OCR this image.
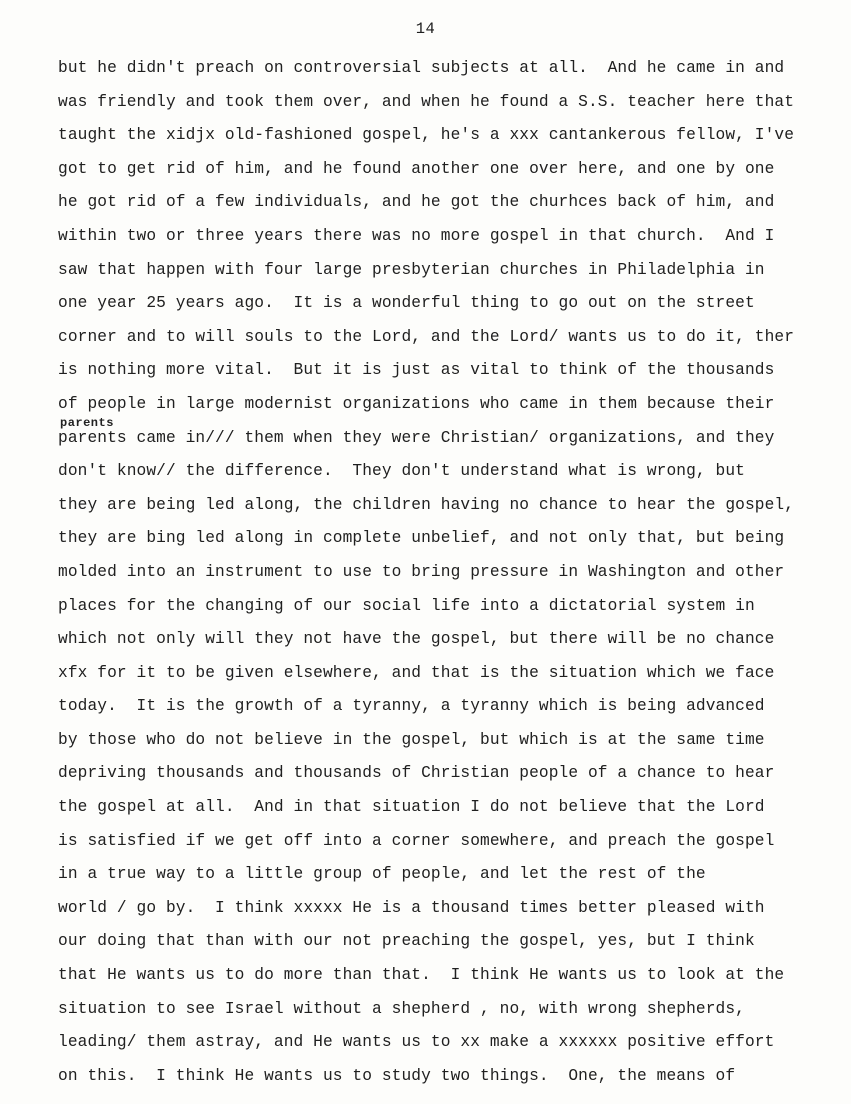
14
parents
but he didn't preach on controversial subjects at all.  And he came in and
was friendly and took them over, and when he found a S.S. teacher here that
taught the xidjx old-fashioned gospel, he's a xxx cantankerous fellow, I've
got to get rid of him, and he found another one over here, and one by one
he got rid of a few individuals, and he got the churhces back of him, and
within two or three years there was no more gospel in that church.  And I
saw that happen with four large presbyterian churches in Philadelphia in
one year 25 years ago.  It is a wonderful thing to go out on the street
corner and to will souls to the Lord, and the Lord/ wants us to do it, ther
is nothing more vital.  But it is just as vital to think of the thousands
of people in large modernist organizations who came in them because their
parents came in/// them when they were Christian/ organizations, and they
don't know// the difference.  They don't understand what is wrong, but
they are being led along, the children having no chance to hear the gospel,
they are bing led along in complete unbelief, and not only that, but being
molded into an instrument to use to bring pressure in Washington and other
places for the changing of our social life into a dictatorial system in
which not only will they not have the gospel, but there will be no chance
xfx for it to be given elsewhere, and that is the situation which we face
today.  It is the growth of a tyranny, a tyranny which is being advanced
by those who do not believe in the gospel, but which is at the same time
depriving thousands and thousands of Christian people of a chance to hear
the gospel at all.  And in that situation I do not believe that the Lord
is satisfied if we get off into a corner somewhere, and preach the gospel
in a true way to a little group of people, and let the rest of the
world / go by.  I think xxxxx He is a thousand times better pleased with
our doing that than with our not preaching the gospel, yes, but I think
that He wants us to do more than that.  I think He wants us to look at the
situation to see Israel without a shepherd , no, with wrong shepherds,
leading/ them astray, and He wants us to xx make a xxxxxx positive effort
on this.  I think He wants us to study two things.  One, the means of
